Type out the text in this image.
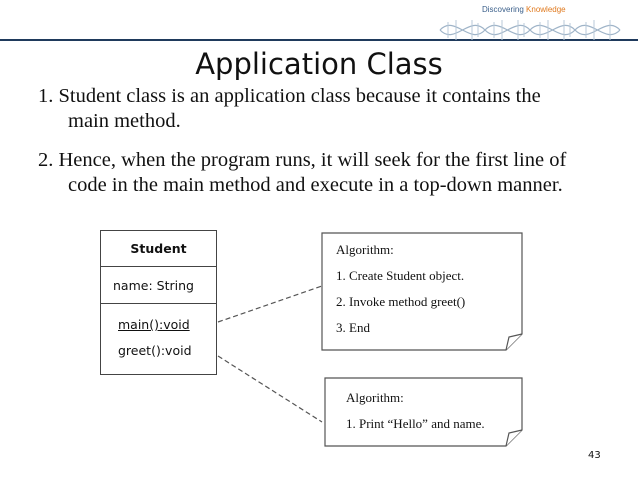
Discovering Knowledge
Application Class
1. Student class is an application class because it contains the
main method.
2. Hence, when the program runs, it will seek for the first line of
code in the main method and execute in a top-down manner.
Student
name: String
main():void
greet():void
Algorithm:
1. Create Student object.
2. Invoke method greet()
3. End
Algorithm:
1. Print “Hello” and name.
43
